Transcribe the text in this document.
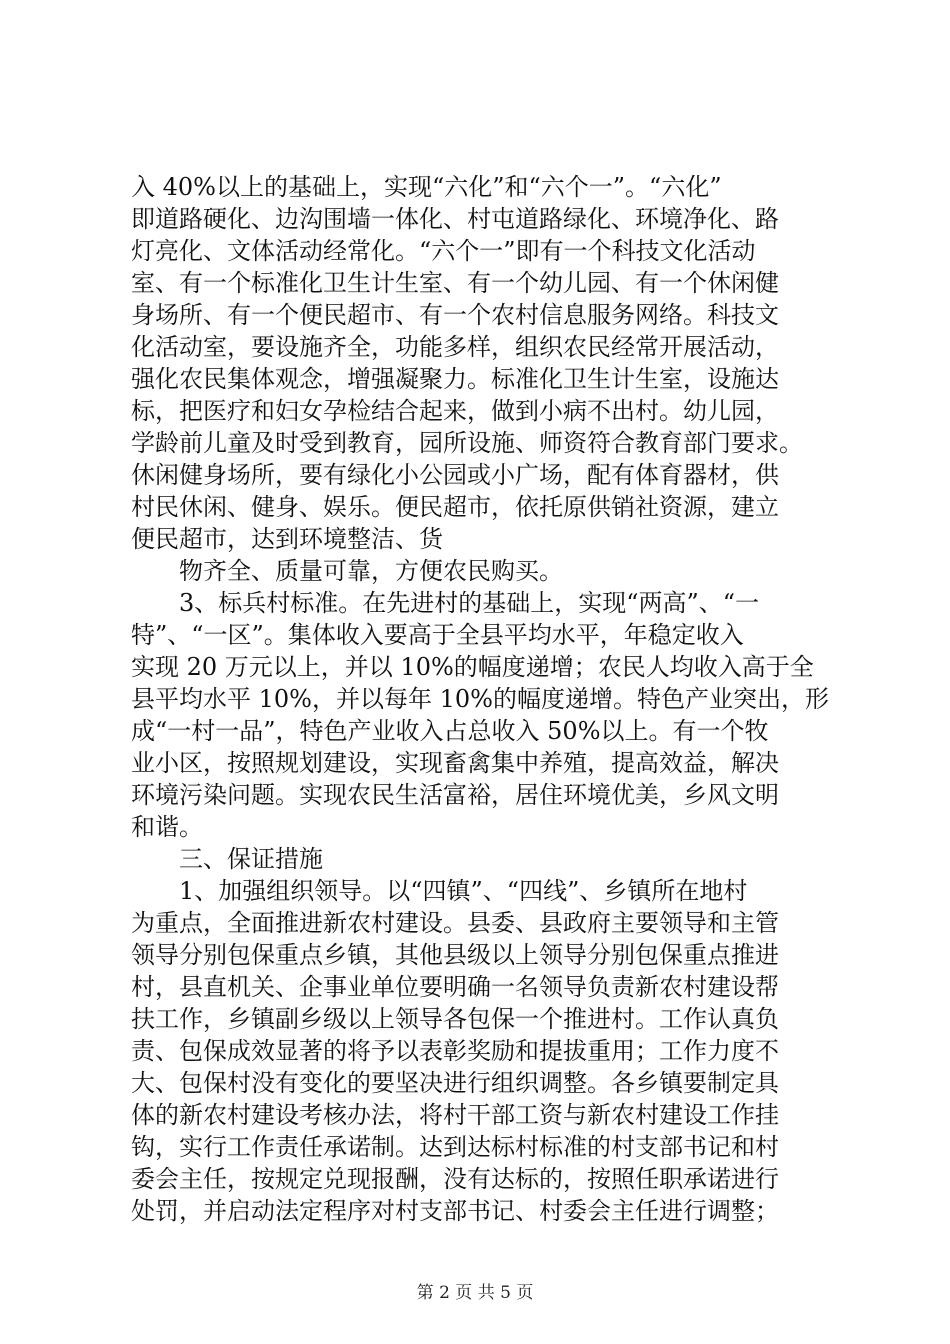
入 40%以上的基础上，实现“六化”和“六个一”。“六化”
即道路硬化、边沟围墙一体化、村屯道路绿化、环境净化、路
灯亮化、文体活动经常化。“六个一”即有一个科技文化活动
室、有一个标准化卫生计生室、有一个幼儿园、有一个休闲健
身场所、有一个便民超市、有一个农村信息服务网络。科技文
化活动室，要设施齐全，功能多样，组织农民经常开展活动，
强化农民集体观念，增强凝聚力。标准化卫生计生室，设施达
标，把医疗和妇女孕检结合起来，做到小病不出村。幼儿园，
学龄前儿童及时受到教育，园所设施、师资符合教育部门要求。
休闲健身场所，要有绿化小公园或小广场，配有体育器材，供
村民休闲、健身、娱乐。便民超市，依托原供销社资源，建立
便民超市，达到环境整洁、货
　　物齐全、质量可靠，方便农民购买。
　　3、标兵村标准。在先进村的基础上，实现“两高”、“一
特”、“一区”。集体收入要高于全县平均水平，年稳定收入
实现 20 万元以上，并以 10%的幅度递增；农民人均收入高于全
县平均水平 10%，并以每年 10%的幅度递增。特色产业突出，形
成“一村一品”，特色产业收入占总收入 50%以上。有一个牧
业小区，按照规划建设，实现畜禽集中养殖，提高效益，解决
环境污染问题。实现农民生活富裕，居住环境优美，乡风文明
和谐。
　　三、保证措施
　　1、加强组织领导。以“四镇”、“四线”、乡镇所在地村
为重点，全面推进新农村建设。县委、县政府主要领导和主管
领导分别包保重点乡镇，其他县级以上领导分别包保重点推进
村，县直机关、企事业单位要明确一名领导负责新农村建设帮
扶工作，乡镇副乡级以上领导各包保一个推进村。工作认真负
责、包保成效显著的将予以表彰奖励和提拔重用；工作力度不
大、包保村没有变化的要坚决进行组织调整。各乡镇要制定具
体的新农村建设考核办法，将村干部工资与新农村建设工作挂
钩，实行工作责任承诺制。达到达标村标准的村支部书记和村
委会主任，按规定兑现报酬，没有达标的，按照任职承诺进行
处罚，并启动法定程序对村支部书记、村委会主任进行调整；
第 2 页 共 5 页
